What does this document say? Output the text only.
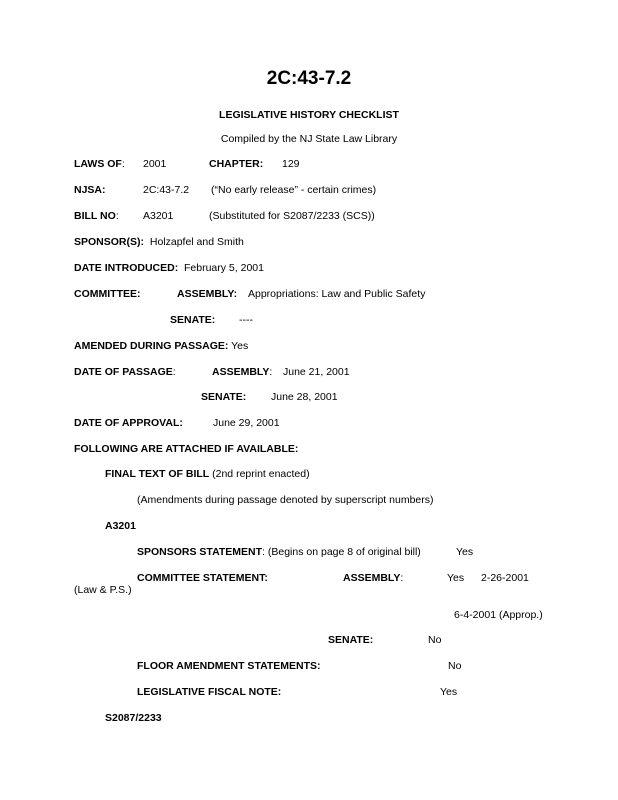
2C:43-7.2
LEGISLATIVE HISTORY CHECKLIST
Compiled by the NJ State Law Library
LAWS OF: 2001	CHAPTER: 129
NJSA:	2C:43-7.2 (“No early release” - certain crimes)
BILL NO: A3201	(Substituted for S2087/2233 (SCS))
SPONSOR(S): Holzapfel and Smith
DATE INTRODUCED: February 5, 2001
COMMITTEE:	ASSEMBLY: Appropriations: Law and Public Safety
SENATE: ----
AMENDED DURING PASSAGE: Yes
DATE OF PASSAGE:	ASSEMBLY: June 21, 2001
SENATE: June 28, 2001
DATE OF APPROVAL:	June 29, 2001
FOLLOWING ARE ATTACHED IF AVAILABLE:
FINAL TEXT OF BILL (2nd reprint enacted)
(Amendments during passage denoted by superscript numbers)
A3201
SPONSORS STATEMENT: (Begins on page 8 of original bill)	Yes
COMMITTEE STATEMENT:	ASSEMBLY:	Yes 2-26-2001
(Law & P.S.)
6-4-2001 (Approp.)
SENATE:	No
FLOOR AMENDMENT STATEMENTS:	No
LEGISLATIVE FISCAL NOTE:	Yes
S2087/2233
